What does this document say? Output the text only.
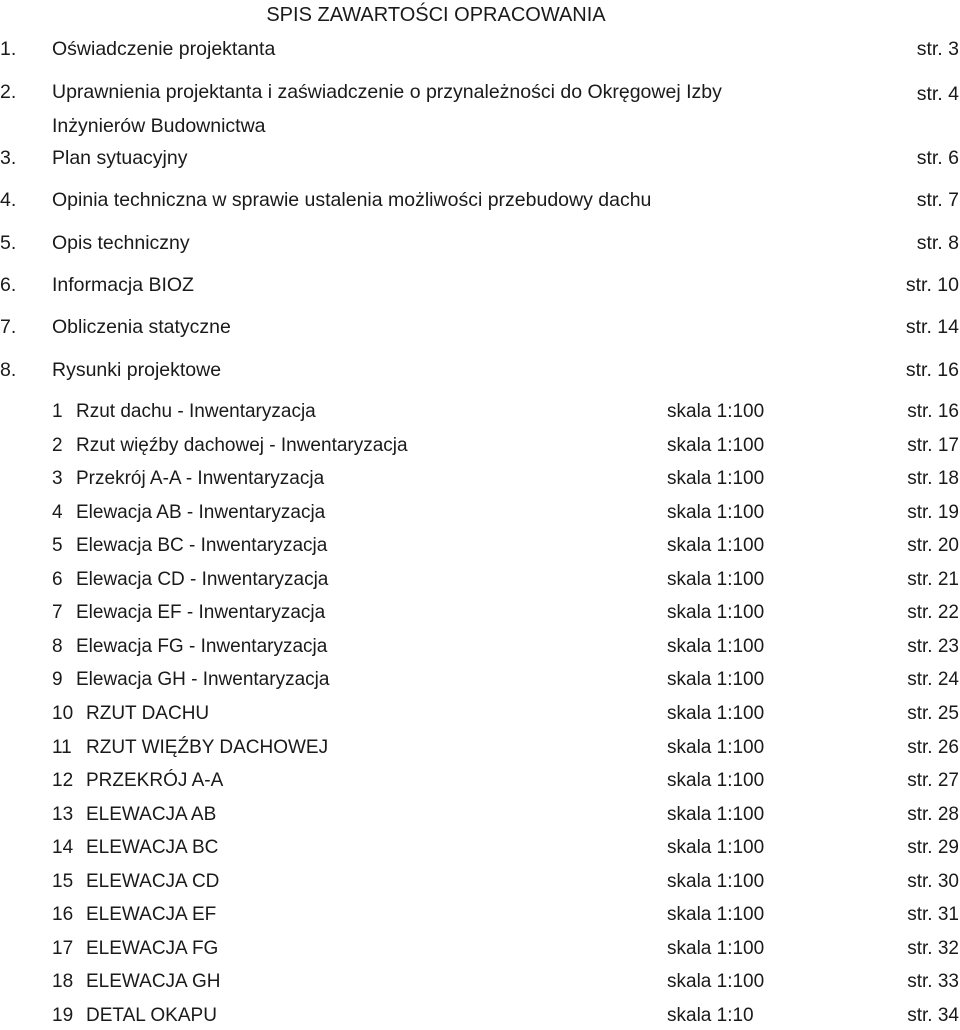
SPIS ZAWARTOŚCI OPRACOWANIA
1. Oświadczenie projektanta	str. 3
2. Uprawnienia projektanta i zaświadczenie o przynależności do Okręgowej Izby
Inżynierów Budownictwa
str. 4
3. Plan sytuacyjny	str. 6
4. Opinia techniczna w sprawie ustalenia możliwości przebudowy dachu	str. 7
5. Opis techniczny	str. 8
6. Informacja BIOZ	str. 10
7. Obliczenia statyczne	str. 14
8. Rysunki projektowe	str. 16
1 Rzut dachu - Inwentaryzacja	skala 1:100	str. 16
2 Rzut więźby dachowej - Inwentaryzacja	skala 1:100	str. 17
3 Przekrój A-A - Inwentaryzacja	skala 1:100	str. 18
4 Elewacja AB - Inwentaryzacja	skala 1:100	str. 19
5 Elewacja BC - Inwentaryzacja	skala 1:100	str. 20
6 Elewacja CD - Inwentaryzacja	skala 1:100	str. 21
7 Elewacja EF - Inwentaryzacja	skala 1:100	str. 22
8 Elewacja FG - Inwentaryzacja	skala 1:100	str. 23
9 Elewacja GH - Inwentaryzacja	skala 1:100	str. 24
10 RZUT DACHU	skala 1:100	str. 25
11 RZUT WIĘŹBY DACHOWEJ	skala 1:100	str. 26
12 PRZEKRÓJ A-A	skala 1:100	str. 27
13 ELEWACJA AB	skala 1:100	str. 28
14 ELEWACJA BC	skala 1:100	str. 29
15 ELEWACJA CD	skala 1:100	str. 30
16 ELEWACJA EF	skala 1:100	str. 31
17 ELEWACJA FG	skala 1:100	str. 32
18 ELEWACJA GH	skala 1:100	str. 33
19 DETAL OKAPU	skala 1:10	str. 34
